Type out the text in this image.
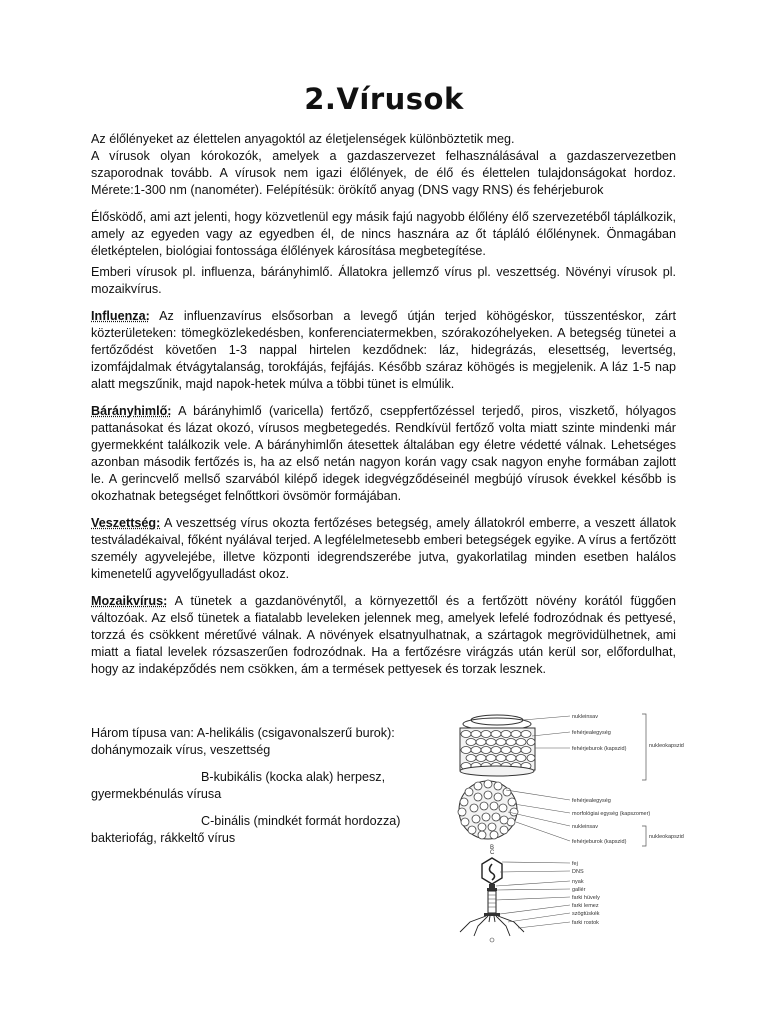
2.Vírusok

Az élőlényeket az élettelen anyagoktól az életjelenségek különböztetik meg.

A vírusok olyan kórokozók, amelyek a gazdaszervezet felhasználásával a gazdaszervezetben szaporodnak tovább. A vírusok nem igazi élőlények, de élő és élettelen tulajdonságokat hordoz. Mérete:1-300 nm (nanométer). Felépítésük: örökítő anyag (DNS vagy RNS) és fehérjeburok

Élősködő, ami azt jelenti, hogy közvetlenül egy másik fajú nagyobb élőlény élő szervezetéből táplálkozik, amely az egyeden vagy az egyedben él, de nincs hasznára az őt tápláló élőlénynek. Önmagában életképtelen, biológiai fontossága élőlények károsítása megbetegítése.

Emberi vírusok pl. influenza, bárányhimlő. Állatokra jellemző vírus pl. veszettség. Növényi vírusok pl. mozaikvírus.

Influenza: Az influenzavírus elsősorban a levegő útján terjed köhögéskor, tüsszentéskor, zárt közterületeken: tömegközlekedésben, konferenciatermekben, szórakozóhelyeken. A betegség tünetei a fertőződést követően 1-3 nappal hirtelen kezdődnek: láz, hidegrázás, elesettség, levertség, izomfájdalmak étvágytalanság, torokfájás, fejfájás. Később száraz köhögés is megjelenik. A láz 1-5 nap alatt megszűnik, majd napok-hetek múlva a többi tünet is elmúlik.

Bárányhimlő: A bárányhimlő (varicella) fertőző, cseppfertőzéssel terjedő, piros, viszkető, hólyagos pattanásokat és lázat okozó, vírusos megbetegedés. Rendkívül fertőző volta miatt szinte mindenki már gyermekként találkozik vele. A bárányhimlőn átesettek általában egy életre védetté válnak. Lehetséges azonban második fertőzés is, ha az első netán nagyon korán vagy csak nagyon enyhe formában zajlott le. A gerincvelő mellső szarvából kilépő idegek idegvégződéseinél megbújó vírusok évekkel később is okozhatnak betegséget felnőttkori övsömör formájában.

Veszettség: A veszettség vírus okozta fertőzéses betegség, amely állatokról emberre, a veszett állatok testváladékaival, főként nyálával terjed. A legfélelmetesebb emberi betegségek egyike. A vírus a fertőzött személy agyvelejébe, illetve központi idegrendszerébe jutva, gyakorlatilag minden esetben halálos kimenetelű agyvelőgyulladást okoz.

Mozaikvírus: A tünetek a gazdanövénytől, a környezettől és a fertőzött növény korától függően változóak. Az első tünetek a fiatalabb leveleken jelennek meg, amelyek lefelé fodrozódnak és pettyesé, torzzá és csökkent méretűvé válnak. A növények elsatnyulhatnak, a szártagok megrövidülhetnek, ami miatt a fiatal levelek rózsaszerűen fodrozódnak. Ha a fertőzésre virágzás után kerül sor, előfordulhat, hogy az indaképződés nem csökken, ám a termések pettyesek és torzak lesznek.

Három típusa van: A-helikális (csigavonalszerű burok): dohánymozaik vírus, veszettség
B-kubikális (kocka alak) herpesz,
gyermekbénulás vírusa
C-binális (mindkét formát hordozza)
bakteriofág, rákkeltő vírus
nukleinsav
fehérjealegység
fehérjeburok (kapszid)	nukleokapszid
fehérjealegység
morfológiai egység (kapszomer)
nukleinsav
fehérjeburok (kapszid)
nukleokapszid
B
C
fej
DNS
nyak
gallér
farki hüvely
farki lemez
szögtüskék
farki rostok
